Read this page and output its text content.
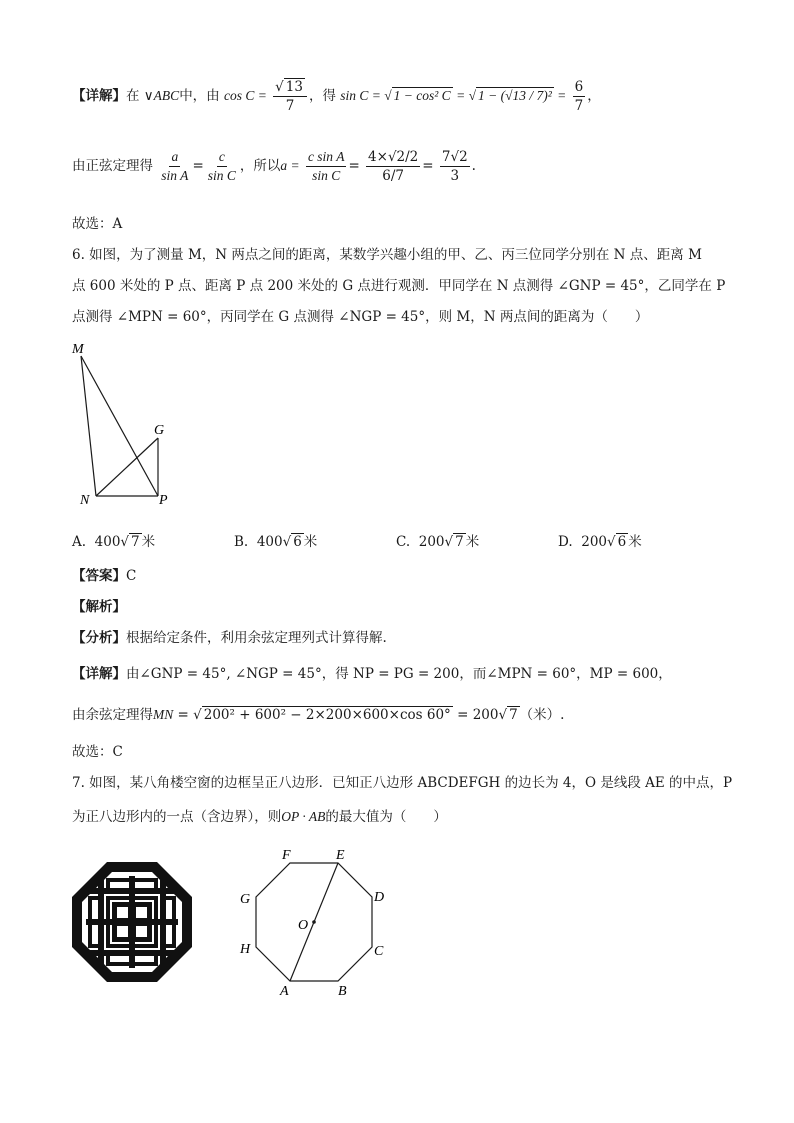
【详解】在 ∨ABC中，由 $\cos C = \frac{√ 13}{7}$ ，得 sin C = √ 1 − cos² C = √ $1 - (√13 / 7)^2 = \frac{6}{7}$ ，
由正弦定理得 $\frac{a}{\text{sin A}} = \frac{c}{\text{sin C}}$ ，所以$a = \frac{\text{c sin A}}{\text{sin C}} = \frac{4\times√2/2}{6/7} = \frac{7√2}{3}$ .
故选：A
6. 如图，为了测量 M，N 两点之间的距离，某数学兴趣小组的甲、乙、丙三位同学分别在 N 点、距离 M
点 600 米处的 P 点、距离 P 点 200 米处的 G 点进行观测．甲同学在 N 点测得 ∠GNP = 45°，乙同学在 P
点测得 ∠MPN = 60°，丙同学在 G 点测得 ∠NGP = 45°，则 M，N 两点间的距离为（　　）
M
G
N	P
A. 400√ 7 米	B. 400√ 6 米	C. 200√ 7 米	D. 200√ 6 米
【答案】C
【解析】
【分析】根据给定条件，利用余弦定理列式计算得解.
【详解】由∠GNP = 45°, ∠NGP = 45°，得 NP = PG = 200，而∠MPN = 60°，MP = 600，
由余弦定理得MN = √ 200² + 600² − 2×200×600×cos 60° = 200√ 7 （米）.
故选：C
7. 如图，某八角楼空窗的边框呈正八边形．已知正八边形 ABCDEFGH 的边长为 4，O 是线段 AE 的中点，P
为正八边形内的一点（含边界），则OP · AB的最大值为（　　）
A	B
C
D
E
F
G
H
O
